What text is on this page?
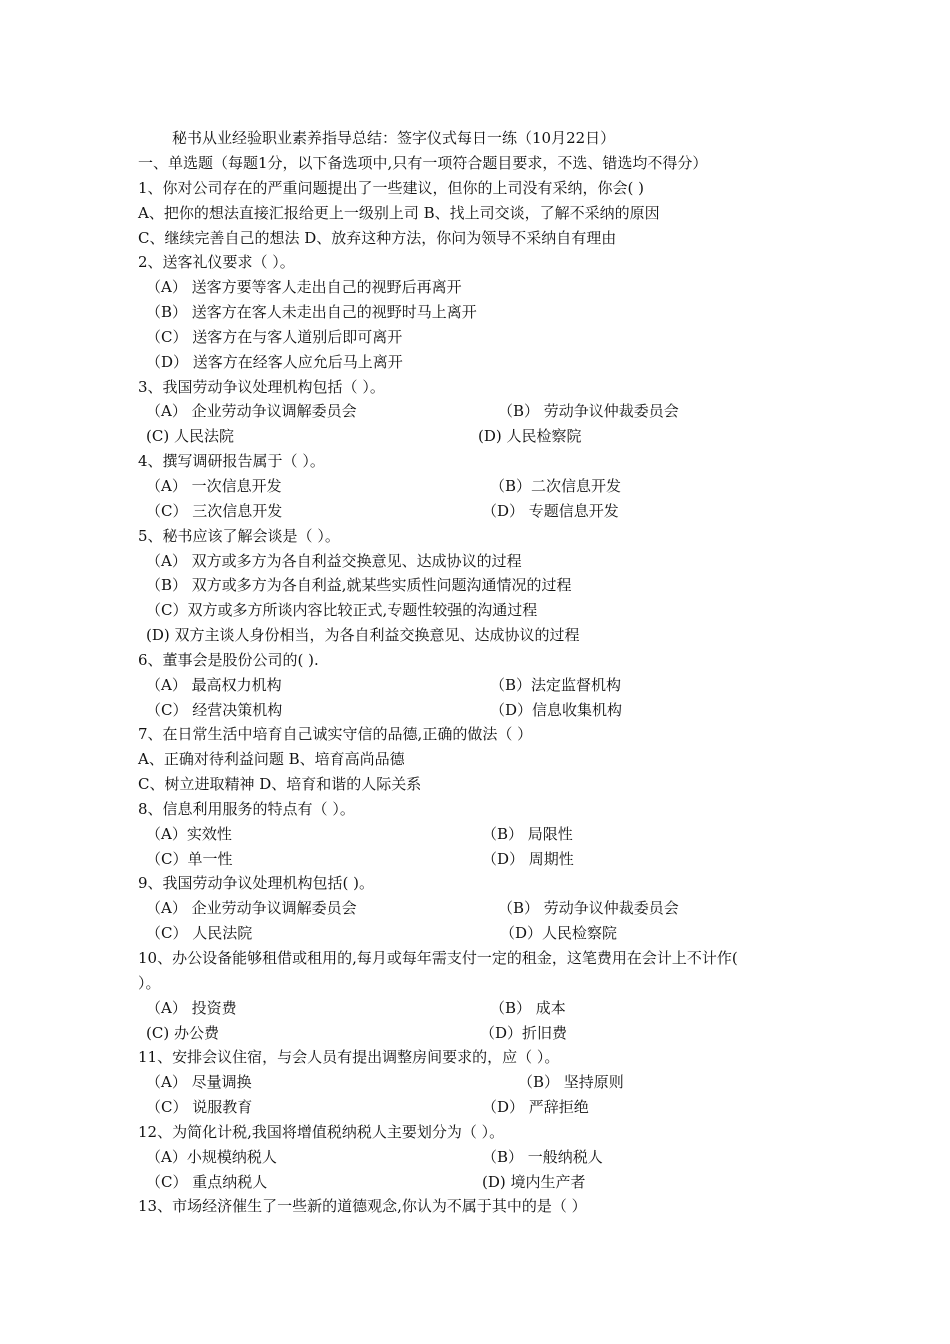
秘书从业经验职业素养指导总结：签字仪式每日一练（10月22日）
一、单选题（每题1分，以下备选项中,只有一项符合题目要求，不选、错选均不得分）
1、你对公司存在的严重问题提出了一些建议，但你的上司没有采纳，你会( )
A、把你的想法直接汇报给更上一级别上司 B、找上司交谈，了解不采纳的原因
C、继续完善自己的想法 D、放弃这种方法，你问为领导不采纳自有理由
2、送客礼仪要求（ ）。
（A） 送客方要等客人走出自己的视野后再离开
（B） 送客方在客人未走出自己的视野时马上离开
（C） 送客方在与客人道别后即可离开
（D） 送客方在经客人应允后马上离开
3、我国劳动争议处理机构包括（ ）。
（A） 企业劳动争议调解委员会	（B） 劳动争议仲裁委员会
(C) 人民法院	(D) 人民检察院
4、撰写调研报告属于（ ）。
（A） 一次信息开发	（B）二次信息开发
（C） 三次信息开发	（D） 专题信息开发
5、秘书应该了解会谈是（ ）。
（A） 双方或多方为各自利益交换意见、达成协议的过程
（B） 双方或多方为各自利益,就某些实质性问题沟通情况的过程
（C）双方或多方所谈内容比较正式,专题性较强的沟通过程
(D) 双方主谈人身份相当，为各自利益交换意见、达成协议的过程
6、董事会是股份公司的( ).
（A） 最高权力机构	（B）法定监督机构
（C） 经营决策机构	（D）信息收集机构
7、在日常生活中培育自己诚实守信的品德,正确的做法（ ）
A、正确对待利益问题 B、培育高尚品德
C、树立进取精神 D、培育和谐的人际关系
8、信息利用服务的特点有（ ）。
（A）实效性	（B） 局限性
（C）单一性	（D） 周期性
9、我国劳动争议处理机构包括( )。
（A） 企业劳动争议调解委员会	（B） 劳动争议仲裁委员会
（C） 人民法院	（D）人民检察院
10、办公设备能够租借或租用的,每月或每年需支付一定的租金，这笔费用在会计上不计作(
）。
（A） 投资费	（B） 成本
(C) 办公费	（D）折旧费
11、安排会议住宿，与会人员有提出调整房间要求的，应（ ）。
（A） 尽量调换	（B） 坚持原则
（C） 说服教育	（D） 严辞拒绝
12、为简化计税,我国将增值税纳税人主要划分为（ ）。
（A）小规模纳税人	（B） 一般纳税人
（C） 重点纳税人	(D) 境内生产者
13、市场经济催生了一些新的道德观念,你认为不属于其中的是（ ）
